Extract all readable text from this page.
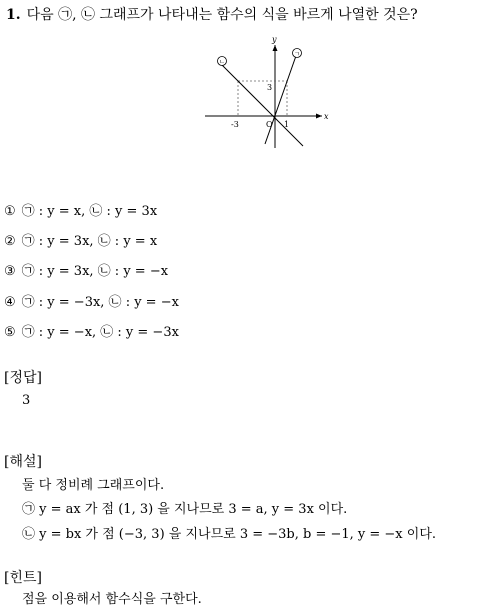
1. 다음 ㉠, ㉡ 그래프가 나타내는 함수의 식을 바르게 나열한 것은?
ㄱ
ㄴ
y
x
3
-3	O 1
① ㉠ : y = x, ㉡ : y = 3x
② ㉠ : y = 3x, ㉡ : y = x
③ ㉠ : y = 3x, ㉡ : y = −x
④ ㉠ : y = −3x, ㉡ : y = −x
⑤ ㉠ : y = −x, ㉡ : y = −3x
[정답]
3
[해설]
둘 다 정비례 그래프이다.
㉠ y = ax 가 점 (1, 3) 을 지나므로 3 = a, y = 3x 이다.
㉡ y = bx 가 점 (−3, 3) 을 지나므로 3 = −3b, b = −1, y = −x 이다.
[힌트]
점을 이용해서 함수식을 구한다.
